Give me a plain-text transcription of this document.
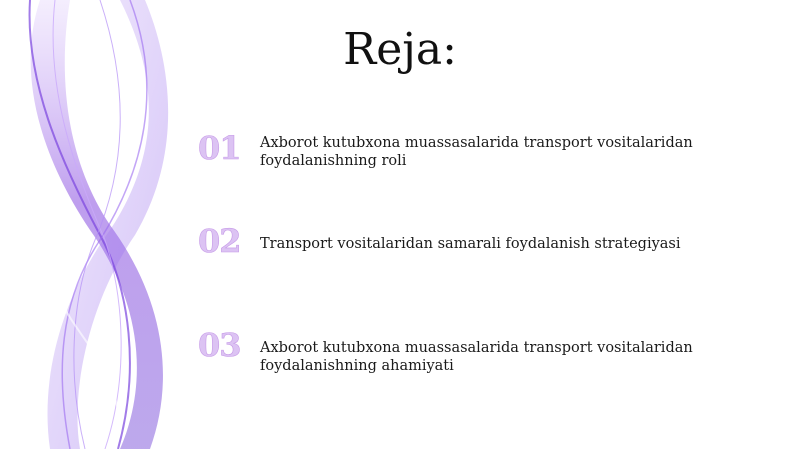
Reja:
01	Axborot kutubxona muassasalarida transport vositalaridan foydalanishning roli
02	Transport vositalaridan samarali foydalanish strategiyasi
03	Axborot kutubxona muassasalarida transport vositalaridan foydalanishning ahamiyati
